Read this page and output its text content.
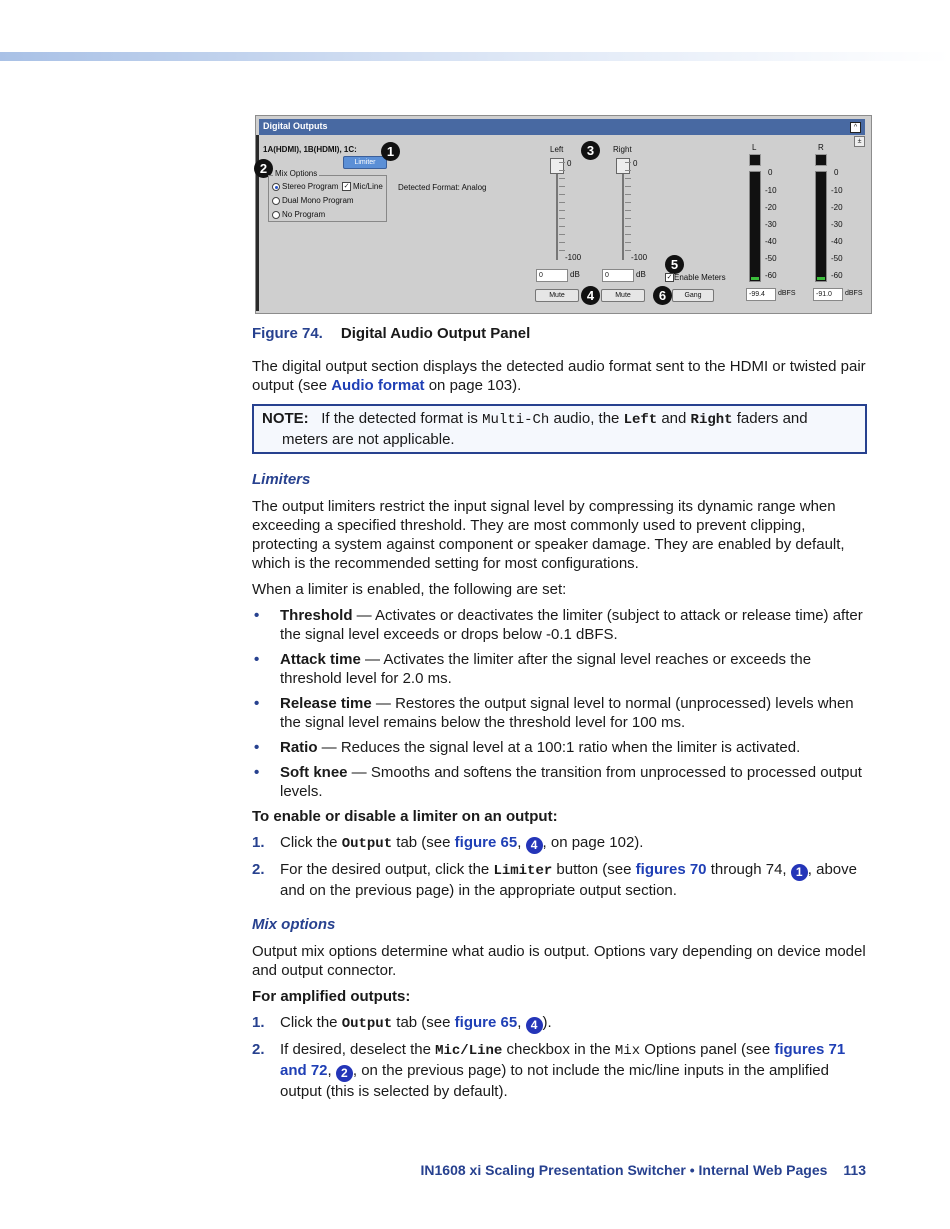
Digital Outputs	^
±
1A(HDMI), 1B(HDMI), 1C:
Limiter
1
2 Mix Options
Stereo Program ✓ Mic/Line
Dual Mono Program
No Program
Detected Format: Analog
Left	3	Right
0	0
-100	-100
0	dB	0	dB
Mute	4	Mute
5
✓ Enable Meters
6	Gang
L	R
0
-20
-30
-10
-40
-50
-60
0
-10
-20
-30
-40
-50
-60
-99.4	dBFS	-91.0	dBFS
Figure 74. Digital Audio Output Panel

The digital output section displays the detected audio format sent to the HDMI or twisted pair output (see Audio format on page 103).

NOTE: If the detected format is Multi-Ch audio, the Left and Right faders and
meters are not applicable.
Limiters

The output limiters restrict the input signal level by compressing its dynamic range when exceeding a specified threshold. They are most commonly used to prevent clipping, protecting a system against component or speaker damage. They are enabled by default, which is the recommended setting for most configurations.

When a limiter is enabled, the following are set:

• Threshold — Activates or deactivates the limiter (subject to attack or release time) after the signal level exceeds or drops below -0.1 dBFS.
• Attack time — Activates the limiter after the signal level reaches or exceeds the threshold level for 2.0 ms.
• Release time — Restores the output signal level to normal (unprocessed) levels when the signal level remains below the threshold level for 100 ms.
• Ratio — Reduces the signal level at a 100:1 ratio when the limiter is activated.
• Soft knee — Smooths and softens the transition from unprocessed to processed output levels.

To enable or disable a limiter on an output:

1. Click the Output tab (see figure 65, 4 , on page 102).
2. For the desired output, click the Limiter button (see figures 70 through 74, 1 , above and on the previous page) in the appropriate output section.
Mix options

Output mix options determine what audio is output. Options vary depending on device model and output connector.

For amplified outputs:

1. Click the Output tab (see figure 65, 4 ).
2. If desired, deselect the Mic/Line checkbox in the Mix Options panel (see figures 71 and 72, 2 , on the previous page) to not include the mic/line inputs in the amplified output (this is selected by default).
IN1608 xi Scaling Presentation Switcher • Internal Web Pages 113
